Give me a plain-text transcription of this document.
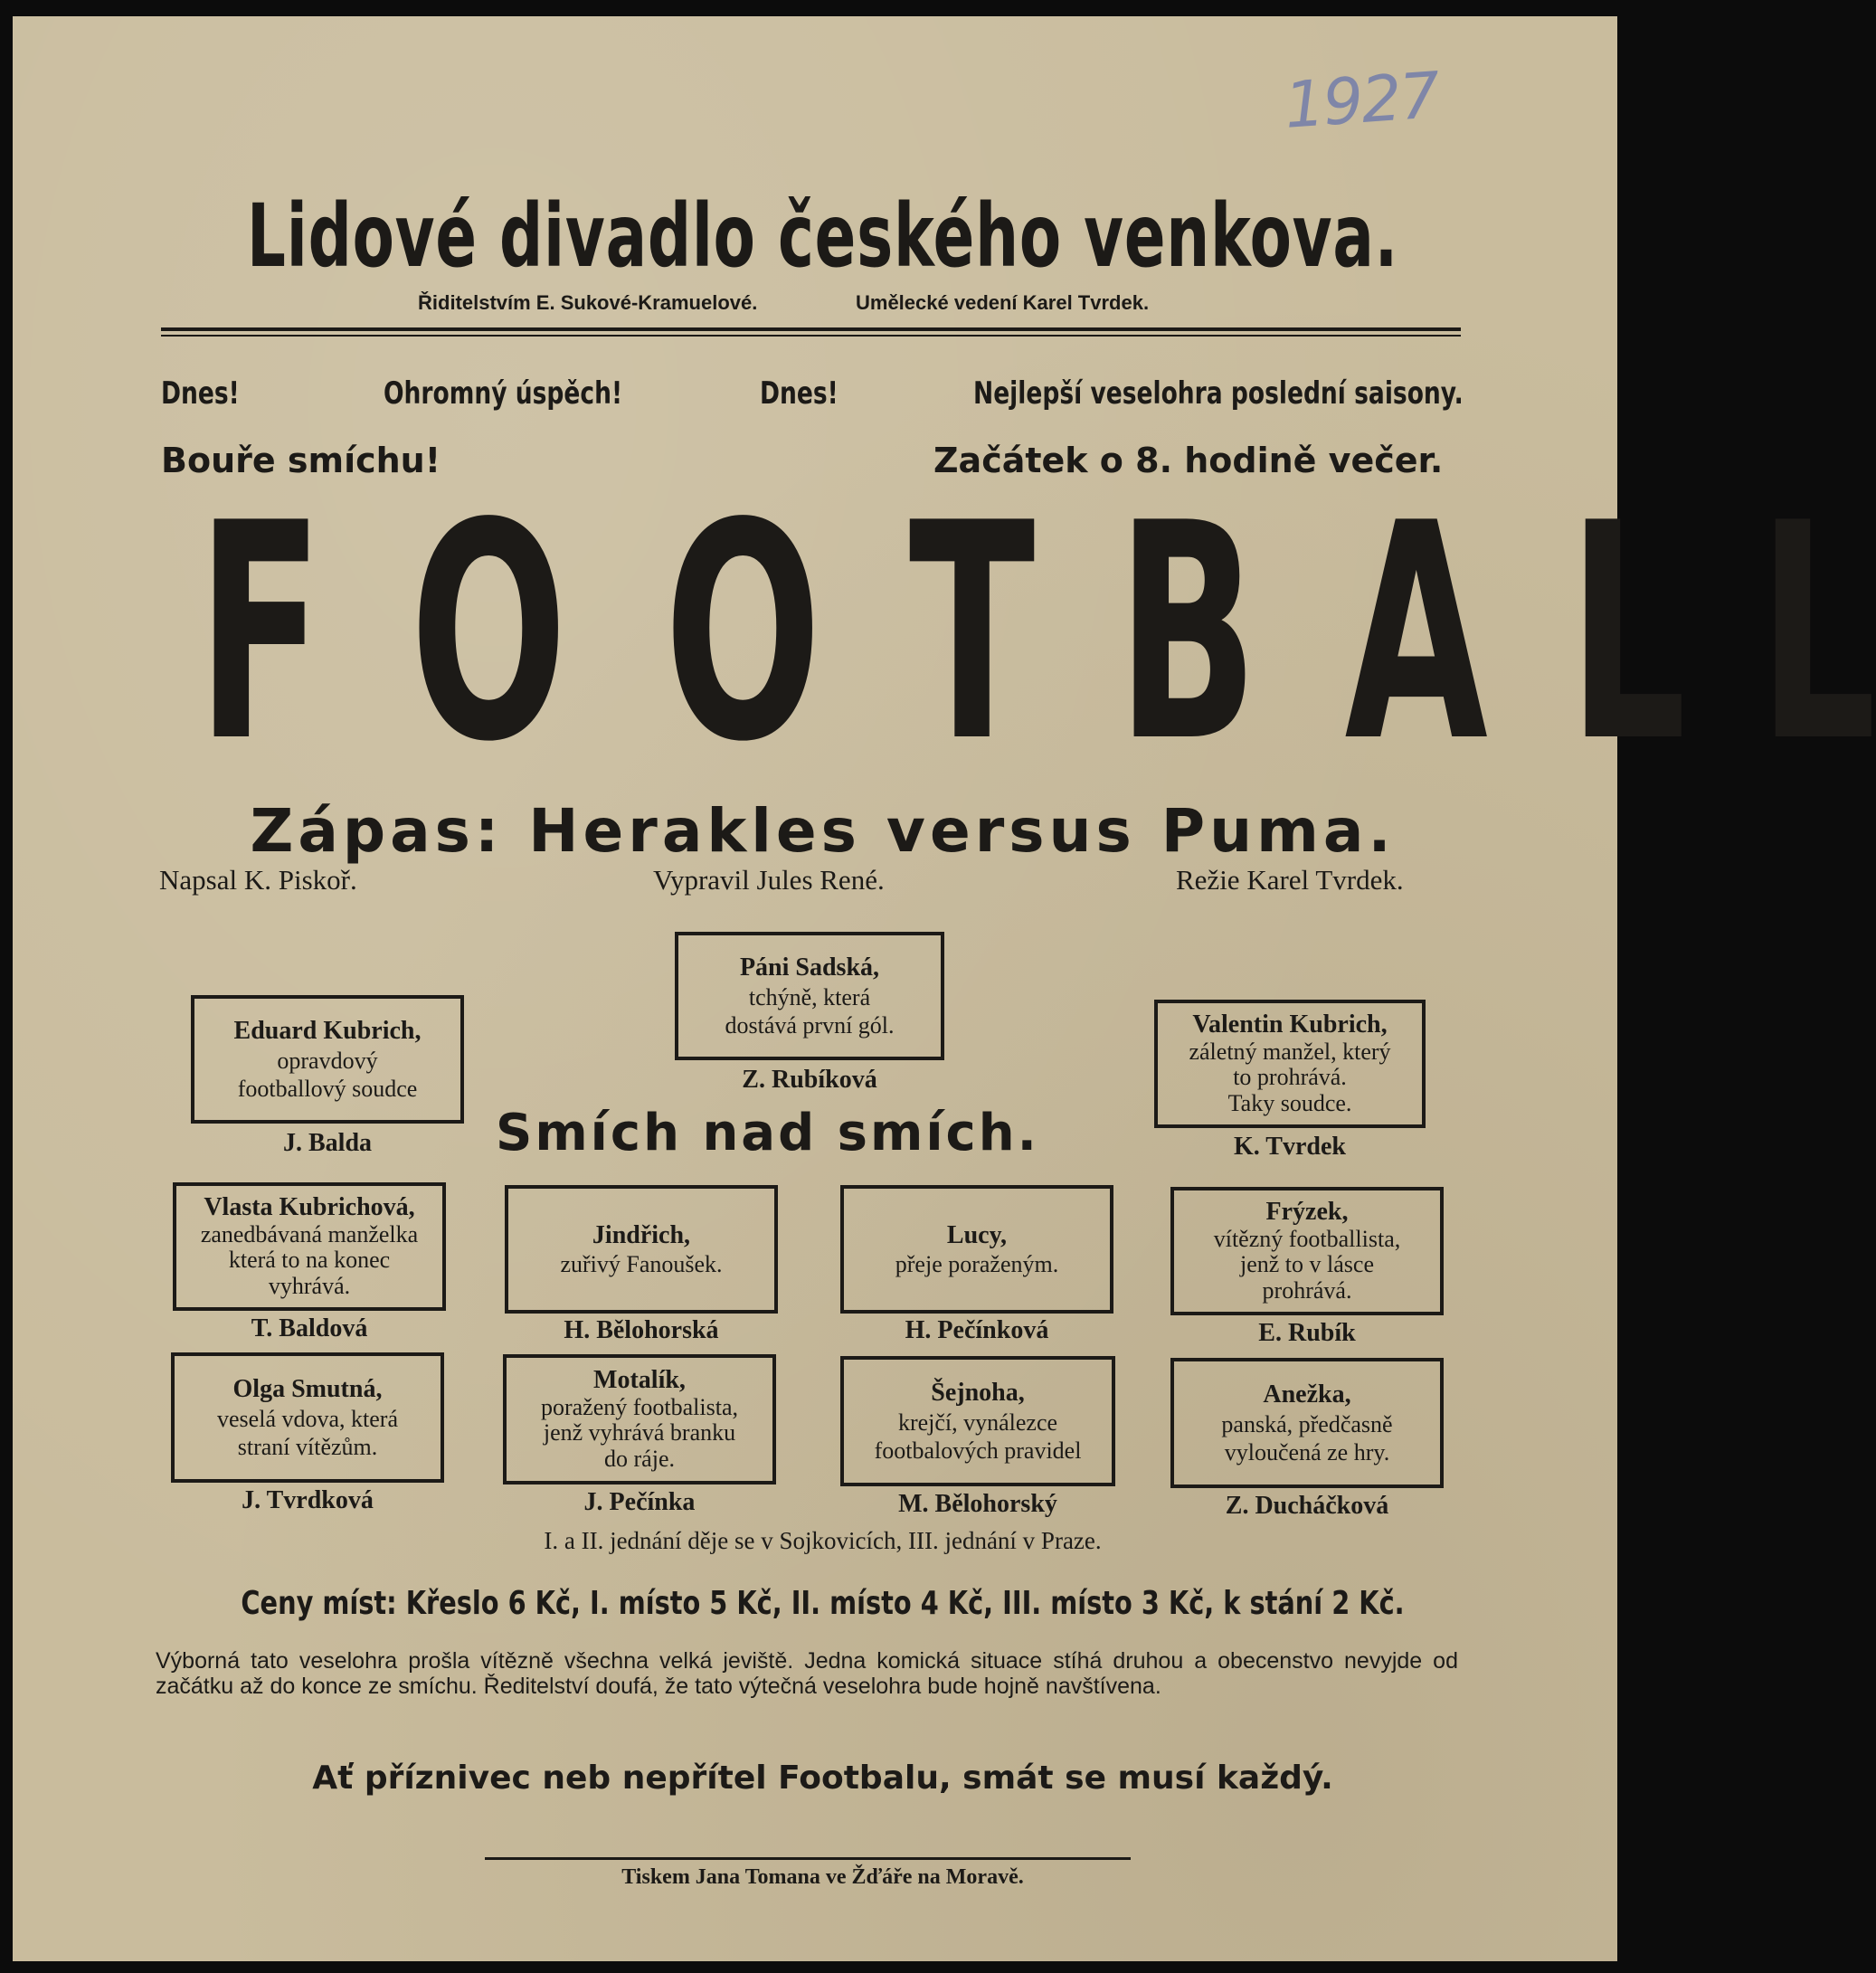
1927
Lidové divadlo českého venkova.
Řiditelstvím E. Sukové-Kramuelové.	Umělecké vedení Karel Tvrdek.
Dnes!	Ohromný úspěch!	Dnes!	Nejlepší veselohra poslední saisony.
Bouře smíchu!	Začátek o 8. hodině večer.
F O O T B A L L
Zápas: Herakles versus Puma.
Napsal K. Piskoř.	Vypravil Jules René.	Režie Karel Tvrdek.
Smích nad smích.
Páni Sadská,
tchýně, která
dostává první gól.
Z. Rubíková
Eduard Kubrich,
opravdový
footballový soudce
J. Balda
Valentin Kubrich,
záletný manžel, který
to prohrává.
Taky soudce.
K. Tvrdek
Vlasta Kubrichová,
zanedbávaná manželka
která to na konec
vyhrává.
T. Baldová
Jindřich,
zuřivý Fanoušek.
H. Bělohorská
Lucy,
přeje poraženým.
H. Pečínková
Frýzek,
vítězný footballista,
jenž to v lásce
prohrává.
E. Rubík
Olga Smutná,
veselá vdova, která
straní vítězům.
J. Tvrdková
Motalík,
poražený footbalista,
jenž vyhrává branku
do ráje.
J. Pečínka
Šejnoha,
krejčí, vynálezce
footbalových pravidel
M. Bělohorský
Anežka,
panská, předčasně
vyloučená ze hry.
Z. Ducháčková
I. a II. jednání děje se v Sojkovicích, III. jednání v Praze.
Ceny míst: Křeslo 6 Kč, I. místo 5 Kč, II. místo 4 Kč, III. místo 3 Kč, k stání 2 Kč.
Výborná tato veselohra prošla vítězně všechna velká jeviště. Jedna komická situace stíhá druhou a obecenstvo nevyjde od začátku až do konce ze smíchu. Ředitelství doufá, že tato výtečná veselohra bude hojně navštívena.
Ať příznivec neb nepřítel Footbalu, smát se musí každý.
Tiskem Jana Tomana ve Žďáře na Moravě.
